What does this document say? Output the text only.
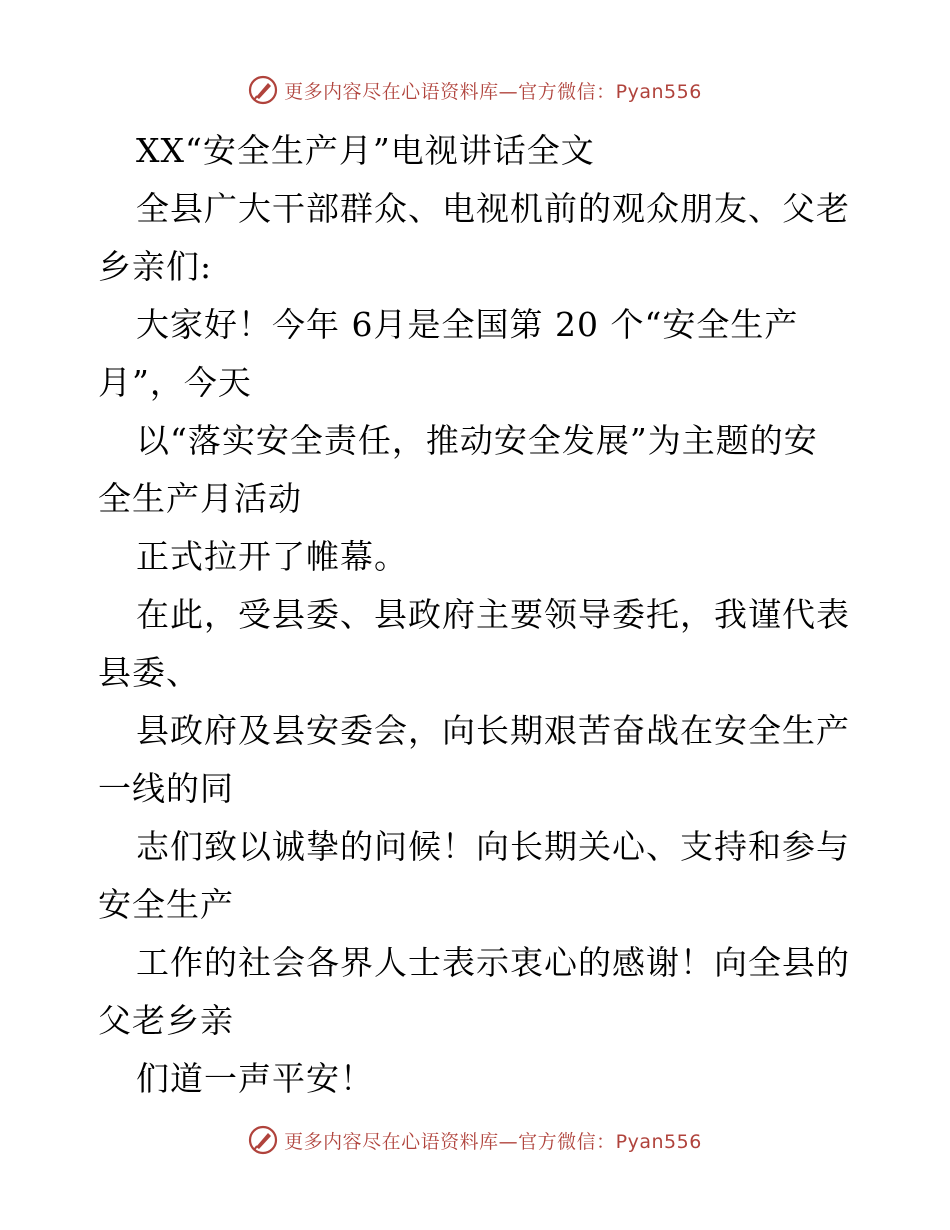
更多内容尽在心语资料库—官方微信：Pyan556
XX“安全生产月”电视讲话全文
全县广大干部群众、电视机前的观众朋友、父老
乡亲们:
大家好！今年 6月是全国第 20 个“安全生产
月”，今天
以“落实安全责任，推动安全发展”为主题的安
全生产月活动
正式拉开了帷幕。
在此，受县委、县政府主要领导委托，我谨代表
县委、
县政府及县安委会，向长期艰苦奋战在安全生产
一线的同
志们致以诚挚的问候！向长期关心、支持和参与
安全生产
工作的社会各界人士表示衷心的感谢！向全县的
父老乡亲
们道一声平安！
更多内容尽在心语资料库—官方微信：Pyan556
